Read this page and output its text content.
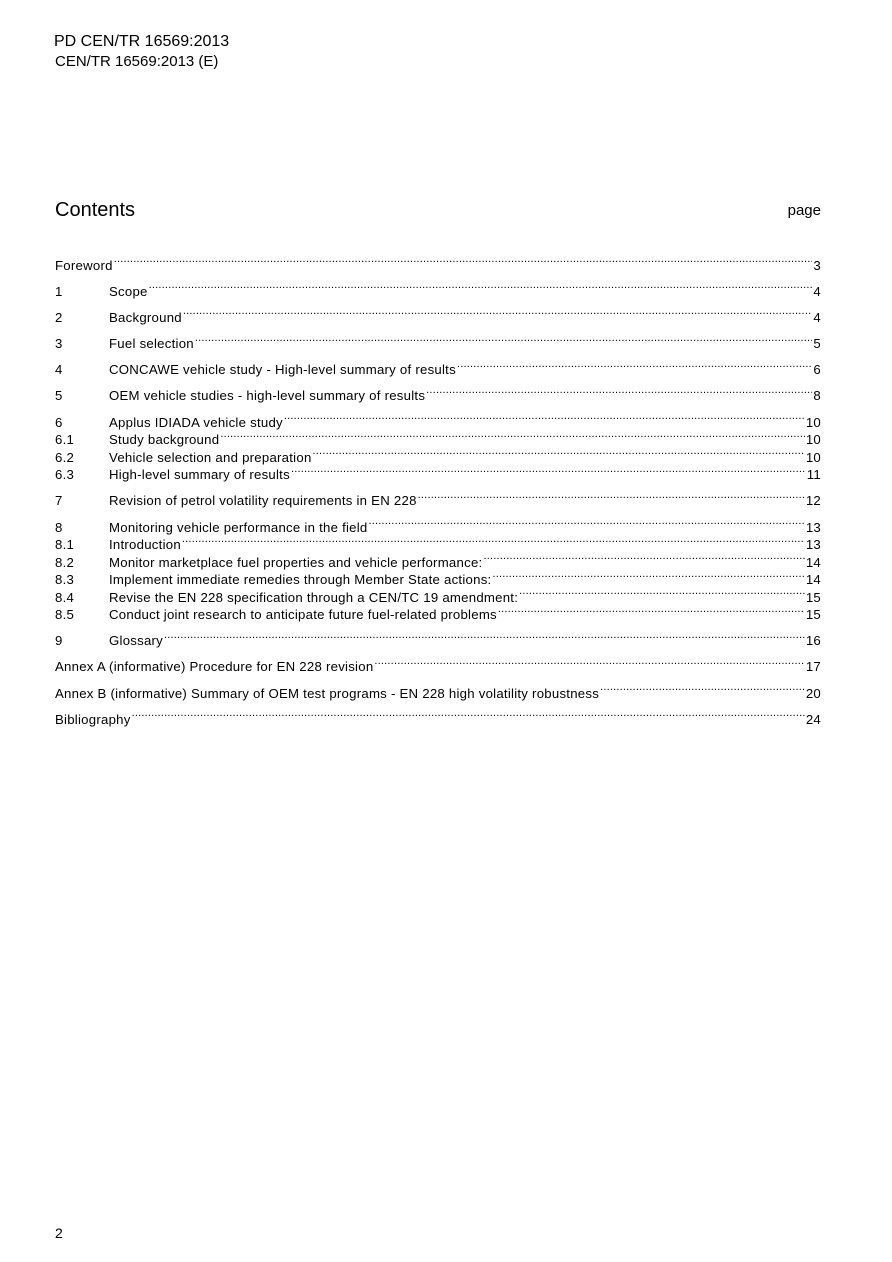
PD CEN/TR 16569:2013
CEN/TR 16569:2013 (E)
Contents	page
Foreword .....	3
1	Scope .....	4
2	Background .....	4
3	Fuel selection .....	5
4	CONCAWE vehicle study - High-level summary of results .....	6
5	OEM vehicle studies - high-level summary of results .....	8
6	Applus IDIADA vehicle study .....	10
6.1	Study background .....	10
6.2	Vehicle selection and preparation .....	10
6.3	High-level summary of results .....	11
7	Revision of petrol volatility requirements in EN 228 .....	12
8	Monitoring vehicle performance in the field .....	13
8.1	Introduction .....	13
8.2	Monitor marketplace fuel properties and vehicle performance: .....	14
8.3	Implement immediate remedies through Member State actions: .....	14
8.4	Revise the EN 228 specification through a CEN/TC 19 amendment: .....	15
8.5	Conduct joint research to anticipate future fuel-related problems .....	15
9	Glossary .....	16
Annex A (informative) Procedure for EN 228 revision .....	17
Annex B (informative) Summary of OEM test programs - EN 228 high volatility robustness .....	20
Bibliography .....	24
2
